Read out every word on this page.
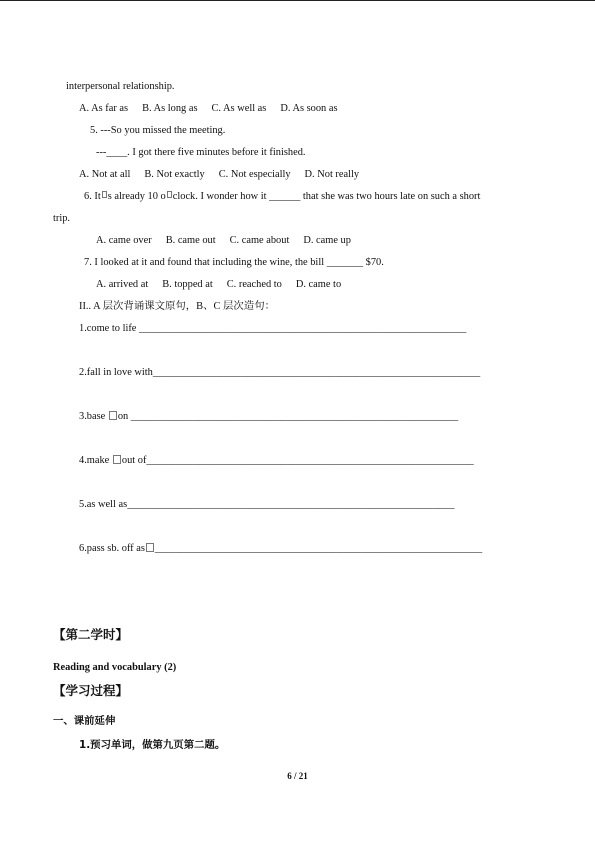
interpersonal relationship.
A. As far as B. As long as C. As well as D. As soon as
5. ---So you missed the meeting.
---____. I got there five minutes before it finished.
A. Not at all B. Not exactly C. Not especially D. Not really
6. It s already 10 o clock. I wonder how it ______ that she was two hours late on such a short
trip.
A. came over B. came out C. came about D. came up
7. I looked at it and found that including the wine, the bill _______ $70.
A. arrived at B. topped at C. reached to D. came to
II.. A 层次背诵课文原句，B、C 层次造句：
1.come to life _______________________________________________________________
2.fall in love with_______________________________________________________________
3.base on _______________________________________________________________
4.make out of_______________________________________________________________
5.as well as_______________________________________________________________
6.pass sb. off as _______________________________________________________________
【第二学时】
Reading and vocabulary (2)
【学习过程】
一、课前延伸
1.预习单词，做第九页第二题。
6 / 21
